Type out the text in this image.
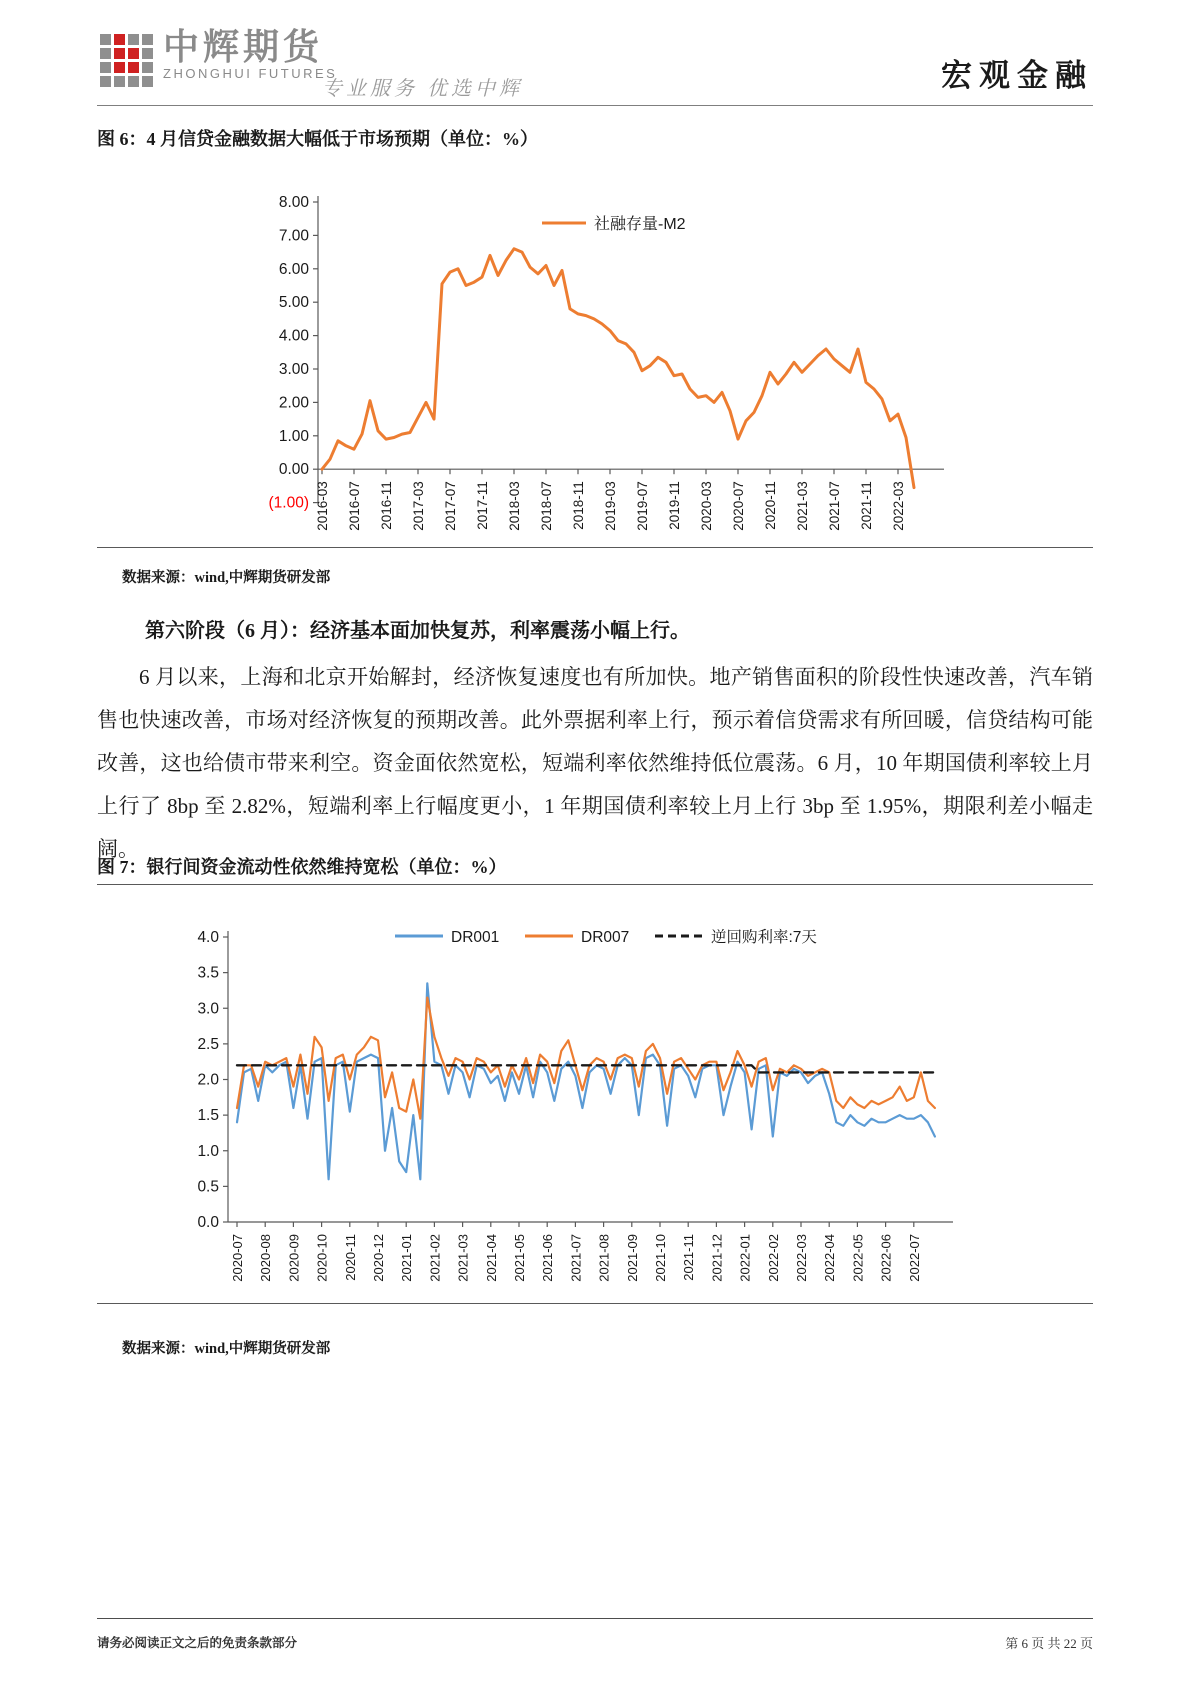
中辉期货
ZHONGHUI FUTURES
专业服务 优选中辉	宏观金融
图 6：4 月信贷金融数据大幅低于市场预期（单位：%）
8.00
7.00
6.00
5.00
4.00
3.00
2.00
1.00
0.00
(1.00) 2016-03 2016-07 2016-11 2017-03 2017-07 2017-11 2018-03 2018-07 2018-11 2019-03 2019-07 2019-11 2020-03 2020-07 2020-11 2021-03 2021-07 2021-11 2022-03
社融存量-M2
数据来源：wind,中辉期货研发部
第六阶段（6 月）：经济基本面加快复苏，利率震荡小幅上行。
6 月以来，上海和北京开始解封，经济恢复速度也有所加快。地产销售面积的阶段性快速改善，汽车销售也快速改善，市场对经济恢复的预期改善。此外票据利率上行，预示着信贷需求有所回暖，信贷结构可能改善，这也给债市带来利空。资金面依然宽松，短端利率依然维持低位震荡。6 月，10 年期国债利率较上月上行了 8bp 至 2.82%，短端利率上行幅度更小，1 年期国债利率较上月上行 3bp 至 1.95%，期限利差小幅走阔。
图 7：银行间资金流动性依然维持宽松（单位：%）
4.0
3.5
3.0
2.5
2.0
1.5
1.0
0.5
0.0
2020-07 2020-08 2020-09 2020-10 2020-11 2020-12 2021-01 2021-02 2021-03 2021-04 2021-05 2021-06 2021-07 2021-08 2021-09 2021-10 2021-11 2021-12 2022-01 2022-02 2022-03 2022-04 2022-05 2022-06 2022-07
DR001	DR007	逆回购利率:7天
数据来源：wind,中辉期货研发部
请务必阅读正文之后的免责条款部分	第 6 页 共 22 页
